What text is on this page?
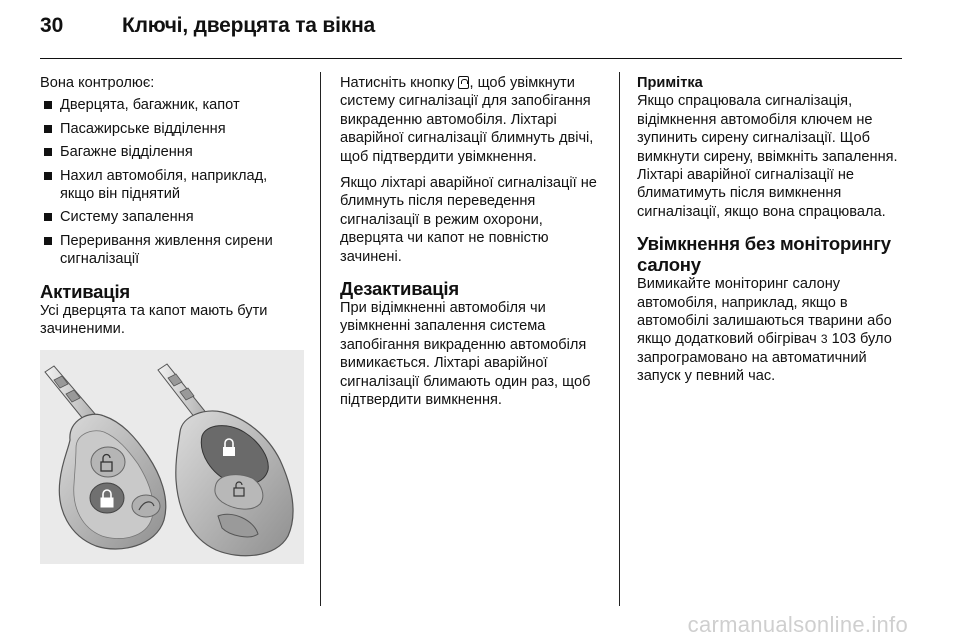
30	Ключі, дверцята та вікна

Вона контролює:

Дверцята, багажник, капот
Пасажирське відділення
Багажне відділення
Нахил автомобіля, наприклад, якщо він піднятий
Систему запалення
Переривання живлення сирени сигналізації
Активація

Усі дверцята та капот мають бути зачиненими.

Натисніть кнопку , щоб увімкнути систему сигналізації для запобігання викраденню автомобіля. Ліхтарі аварійної сигналізації блимнуть двічі, щоб підтвердити увімкнення.

Якщо ліхтарі аварійної сигналізації не блимнуть після переведення сигналізації в режим охорони, дверцята чи капот не повністю зачинені.

Дезактивація

При відімкненні автомобіля чи увімкненні запалення система запобігання викраденню автомобіля вимикається. Ліхтарі аварійної сигналізації блимають один раз, щоб підтвердити вимкнення.

Примітка

Якщо спрацювала сигналізація, відімкнення автомобіля ключем не зупинить сирену сигналізації. Щоб вимкнути сирену, ввімкніть запалення. Ліхтарі аварійної сигналізації не блиматимуть після вимкнення сигналізації, якщо вона спрацювала.

Увімкнення без моніторингу салону

Вимикайте моніторинг салону автомобіля, наприклад, якщо в автомобілі залишаються тварини або якщо додатковий обігрівач 3 103 було запрограмовано на автоматичний запуск у певний час.

carmanualsonline.info
